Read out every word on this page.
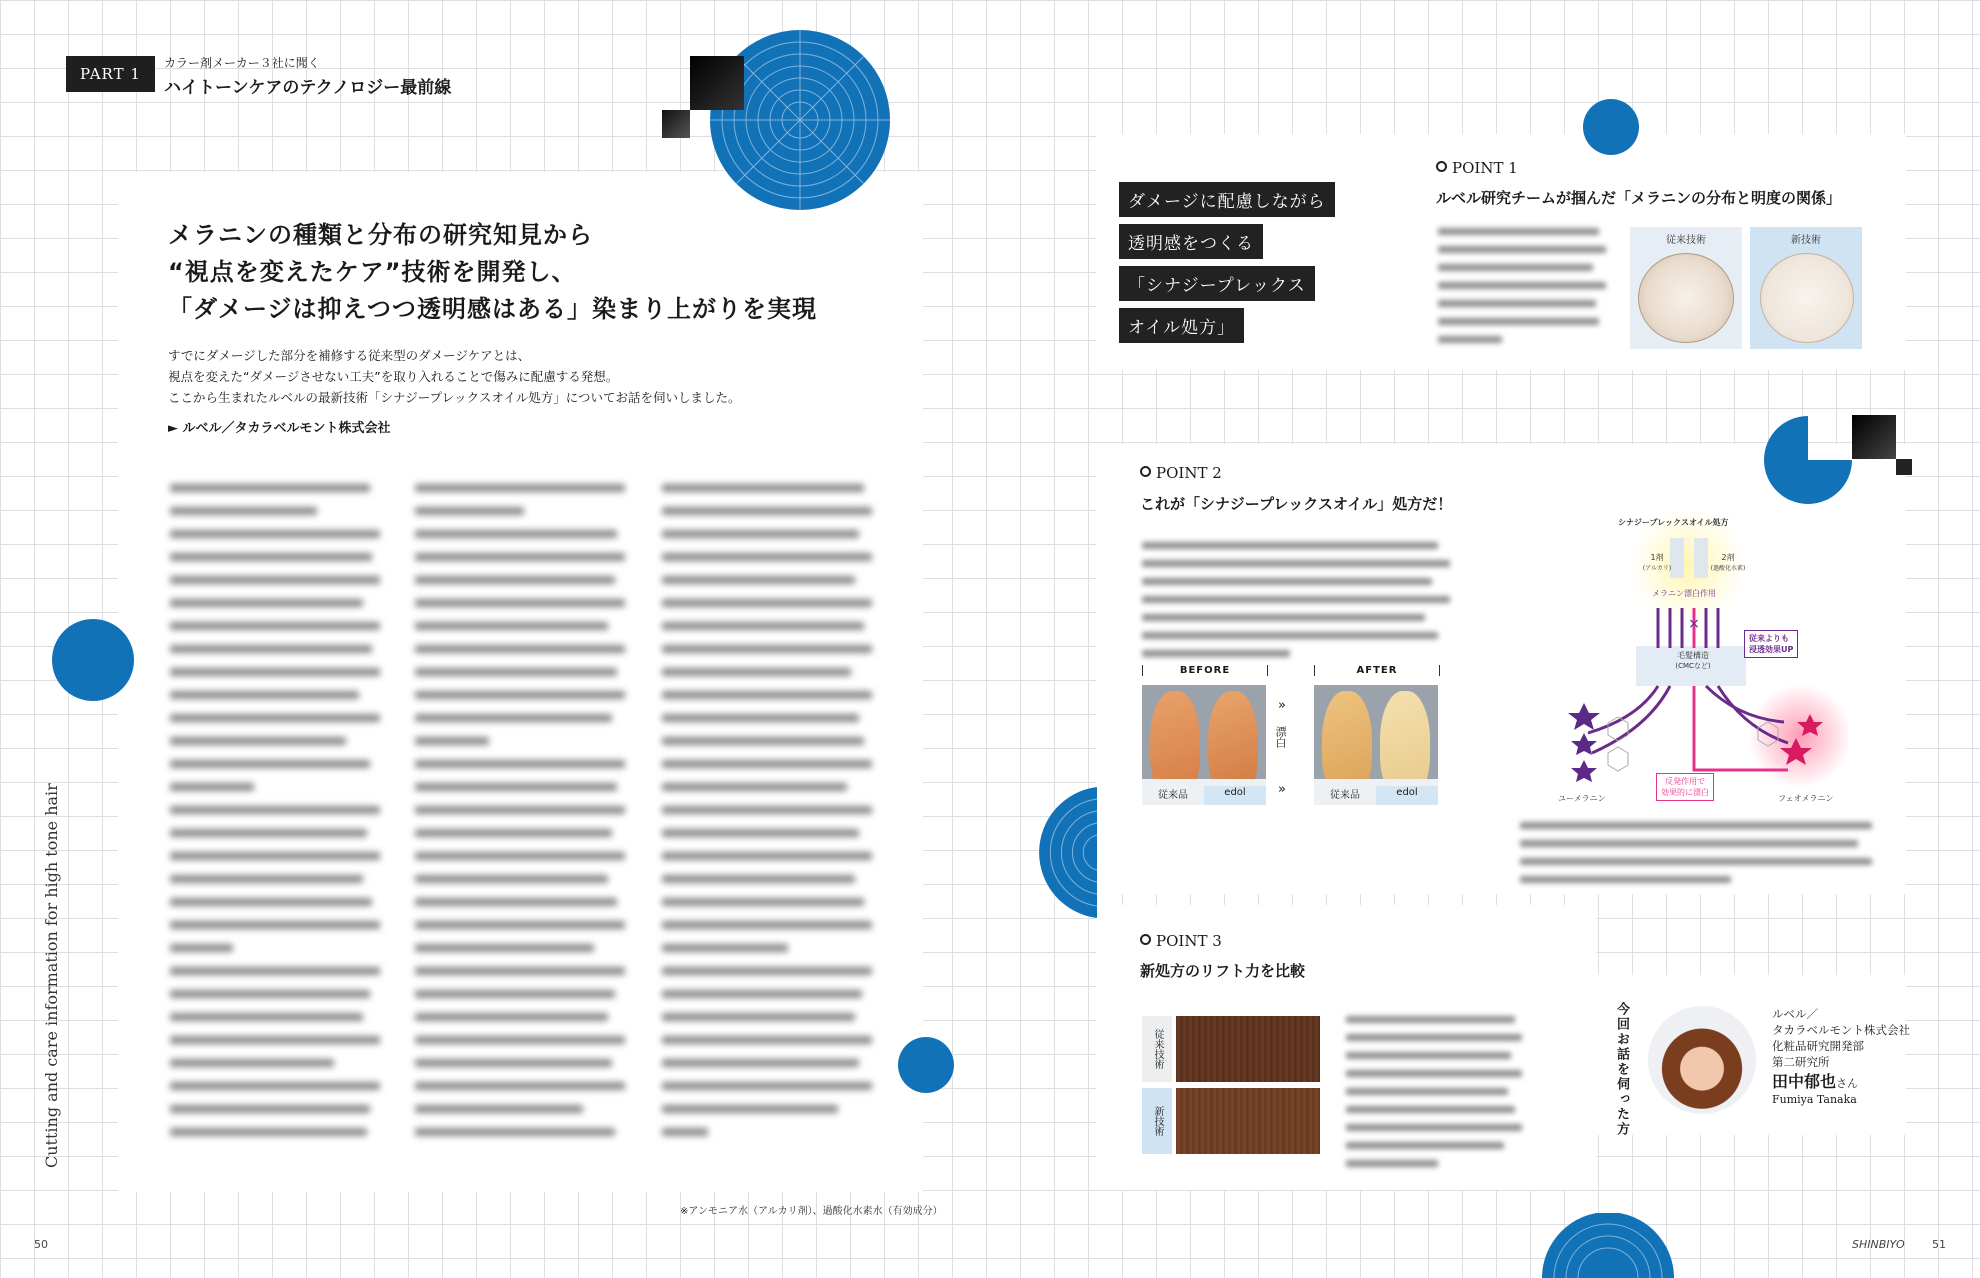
PART 1
カラー剤メーカー３社に聞く
ハイトーンケアのテクノロジー最前線
メラニンの種類と分布の研究知見から
“視点を変えたケア”技術を開発し、
「ダメージは抑えつつ透明感はある」染まり上がりを実現
すでにダメージした部分を補修する従来型のダメージケアとは、
視点を変えた“ダメージさせない工夫”を取り入れることで傷みに配慮する発想。
ここから生まれたルベルの最新技術「シナジープレックスオイル処方」についてお話を伺いしました。
► ルベル／タカラベルモント株式会社
※アンモニア水（アルカリ剤）、過酸化水素水（有効成分）
Cutting and care information for high tone hair
50
ダメージに配慮しながら
透明感をつくる
「シナジープレックス
オイル処方」
POINT 1
ルベル研究チームが掴んだ「メラニンの分布と明度の関係」
従来技術	新技術
POINT 2
これが「シナジープレックスオイル」処方だ！
BEFORE
従来品	edol
»
漂白
»
AFTER
従来品	edol
×
シナジープレックスオイル処方
1剤
(アルカリ)
2剤
(過酸化水素)
メラニン漂白作用
毛髪構造
(CMCなど)
従来よりも
浸透効果UP
ユーメラニン	フェオメラニン
反発作用で
効果的に漂白
POINT 3
新処方のリフト力を比較
従来技術
新技術	今回お話を伺った方	ルベル／
タカラベルモント株式会社
化粧品研究開発部
第二研究所
田中郁也さん
Fumiya Tanaka
SHINBIYO 51
